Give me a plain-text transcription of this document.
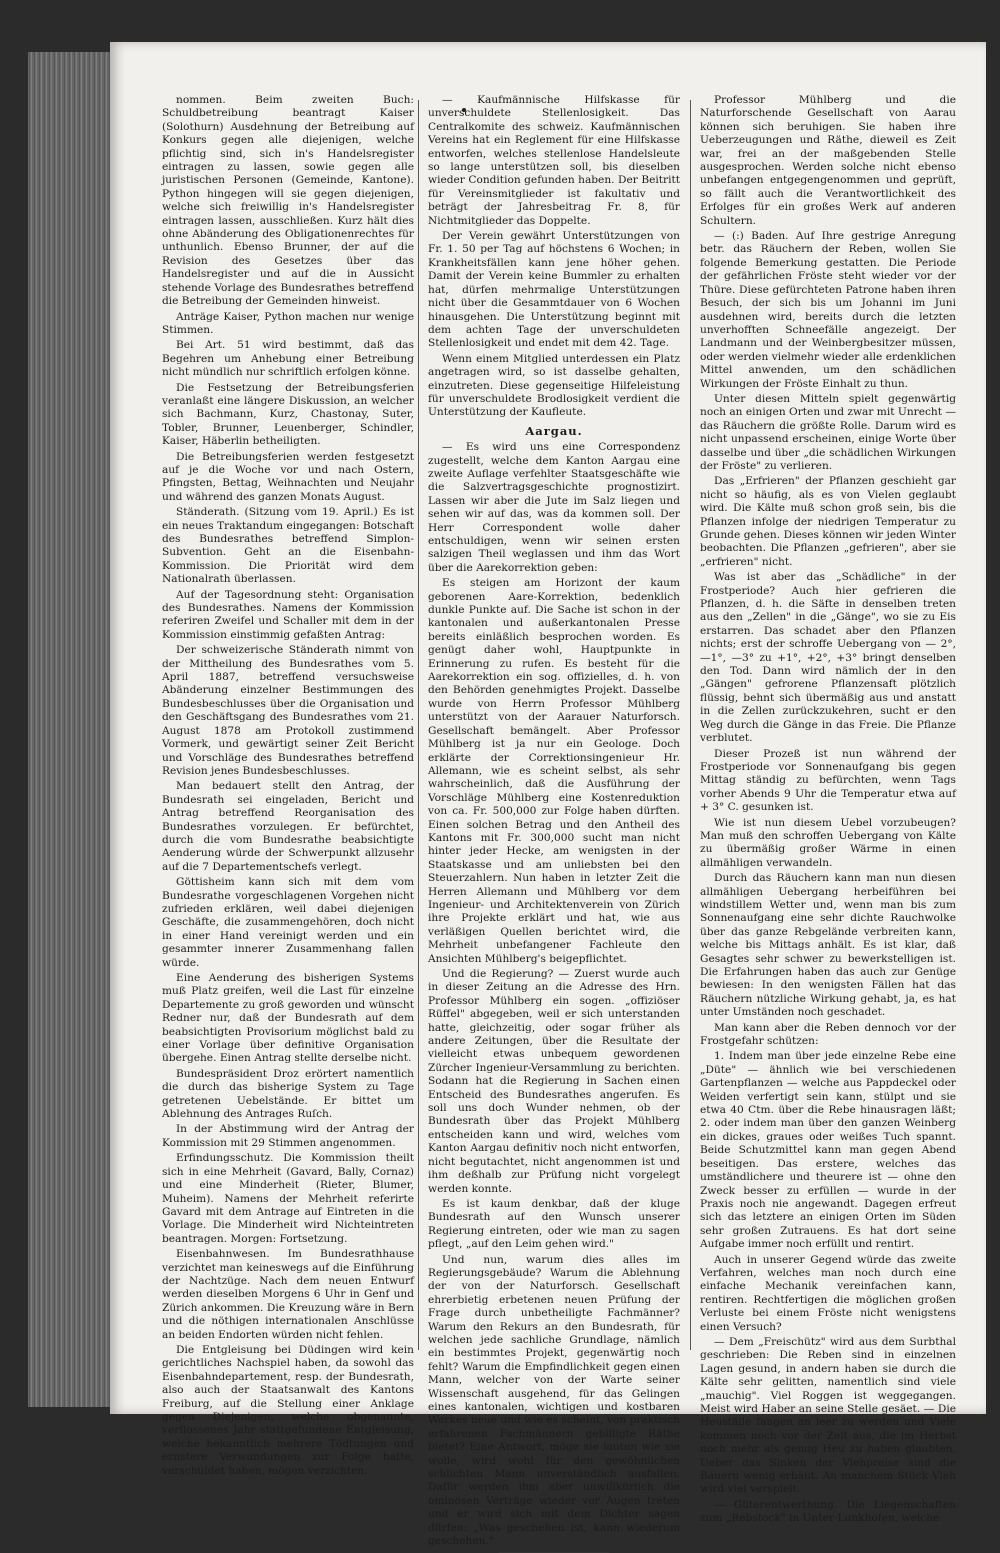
nommen. Beim zweiten Buch: Schuldbetreibung beantragt Kaiser (Solothurn) Ausdehnung der Betreibung auf Konkurs gegen alle diejenigen, welche pflichtig sind, sich in's Handelsregister eintragen zu lassen, sowie gegen alle juristischen Personen (Gemeinde, Kantone). Python hingegen will sie gegen diejenigen, welche sich freiwillig in's Handelsregister eintragen lassen, ausschließen. Kurz hält dies ohne Abänderung des Obligationenrechtes für unthunlich. Ebenso Brunner, der auf die Revision des Gesetzes über das Handelsregister und auf die in Aussicht stehende Vorlage des Bundesrathes betreffend die Betreibung der Gemeinden hinweist.

Anträge Kaiser, Python machen nur wenige Stimmen.

Bei Art. 51 wird bestimmt, daß das Begehren um Anhebung einer Betreibung nicht mündlich nur schriftlich erfolgen könne.

Die Festsetzung der Betreibungsferien veranlaßt eine längere Diskussion, an welcher sich Bachmann, Kurz, Chastonay, Suter, Tobler, Brunner, Leuenberger, Schindler, Kaiser, Häberlin betheiligten.

Die Betreibungsferien werden festgesetzt auf je die Woche vor und nach Ostern, Pfingsten, Bettag, Weihnachten und Neujahr und während des ganzen Monats August.

Ständerath. (Sitzung vom 19. April.) Es ist ein neues Traktandum eingegangen: Botschaft des Bundesrathes betreffend Simplon-Subvention. Geht an die Eisenbahn-Kommission. Die Priorität wird dem Nationalrath überlassen.

Auf der Tagesordnung steht: Organisation des Bundesrathes. Namens der Kommission referiren Zweifel und Schaller mit dem in der Kommission einstimmig gefaßten Antrag:

Der schweizerische Ständerath nimmt von der Mittheilung des Bundesrathes vom 5. April 1887, betreffend versuchsweise Abänderung einzelner Bestimmungen des Bundesbeschlusses über die Organisation und den Geschäftsgang des Bundesrathes vom 21. August 1878 am Protokoll zustimmend Vormerk, und gewärtigt seiner Zeit Bericht und Vorschläge des Bundesrathes betreffend Revision jenes Bundesbeschlusses.

Man bedauert stellt den Antrag, der Bundesrath sei eingeladen, Bericht und Antrag betreffend Reorganisation des Bundesrathes vorzulegen. Er befürchtet, durch die vom Bundesrathe beabsichtigte Aenderung würde der Schwerpunkt allzusehr auf die 7 Departementschefs verlegt.

Göttisheim kann sich mit dem vom Bundesrathe vorgeschlagenen Vorgehen nicht zufrieden erklären, weil dabei diejenigen Geschäfte, die zusammengehören, doch nicht in einer Hand vereinigt werden und ein gesammter innerer Zusammenhang fallen würde.

Eine Aenderung des bisherigen Systems muß Platz greifen, weil die Last für einzelne Departemente zu groß geworden und wünscht Redner nur, daß der Bundesrath auf dem beabsichtigten Provisorium möglichst bald zu einer Vorlage über definitive Organisation übergehe. Einen Antrag stellte derselbe nicht.

Bundespräsident Droz erörtert namentlich die durch das bisherige System zu Tage getretenen Uebelstände. Er bittet um Ablehnung des Antrages Ruſch.

In der Abstimmung wird der Antrag der Kommission mit 29 Stimmen angenommen.

Erfindungsschutz. Die Kommission theilt sich in eine Mehrheit (Gavard, Bally, Cornaz) und eine Minderheit (Rieter, Blumer, Muheim). Namens der Mehrheit referirte Gavard mit dem Antrage auf Eintreten in die Vorlage. Die Minderheit wird Nichteintreten beantragen. Morgen: Fortsetzung.

Eisenbahnwesen. Im Bundesrathhause verzichtet man keineswegs auf die Einführung der Nachtzüge. Nach dem neuen Entwurf werden dieselben Morgens 6 Uhr in Genf und Zürich ankommen. Die Kreuzung wäre in Bern und die nöthigen internationalen Anschlüsse an beiden Endorten würden nicht fehlen.

Die Entgleisung bei Düdingen wird kein gerichtliches Nachspiel haben, da sowohl das Eisenbahndepartement, resp. der Bundesrath, also auch der Staatsanwalt des Kantons Freiburg, auf die Stellung einer Anklage gegen Diejenigen, welche obgenannte, verflossenes Jahr stattgefundene Entgleisung, welche bekanntlich mehrere Tödtungen und ernstere Verwundungen zur Folge hatte, verschuldet haben, mögen verzichten.

— Kaufmännische Hilfskasse für unverschuldete Stellenlosigkeit. Das Centralkomite des schweiz. Kaufmännischen Vereins hat ein Reglement für eine Hilfskasse entworfen, welches stellenlose Handelsleute so lange unterstützen soll, bis dieselben wieder Condition gefunden haben. Der Beitritt für Vereinsmitglieder ist fakultativ und beträgt der Jahresbeitrag Fr. 8, für Nichtmitglieder das Doppelte.

Der Verein gewährt Unterstützungen von Fr. 1. 50 per Tag auf höchstens 6 Wochen; in Krankheitsfällen kann jene höher gehen. Damit der Verein keine Bummler zu erhalten hat, dürfen mehrmalige Unterstützungen nicht über die Gesammtdauer von 6 Wochen hinausgehen. Die Unterstützung beginnt mit dem achten Tage der unverschuldeten Stellenlosigkeit und endet mit dem 42. Tage.

Wenn einem Mitglied unterdessen ein Platz angetragen wird, so ist dasselbe gehalten, einzutreten. Diese gegenseitige Hilfeleistung für unverschuldete Brodlosigkeit verdient die Unterstützung der Kaufleute.

Aargau.

— Es wird uns eine Correspondenz zugestellt, welche dem Kanton Aargau eine zweite Auflage verfehlter Staatsgeschäfte wie die Salzvertragsgeschichte prognostizirt. Lassen wir aber die Jute im Salz liegen und sehen wir auf das, was da kommen soll. Der Herr Correspondent wolle daher entschuldigen, wenn wir seinen ersten salzigen Theil weglassen und ihm das Wort über die Aarekorrektion geben:

Es steigen am Horizont der kaum geborenen Aare-Korrektion, bedenklich dunkle Punkte auf. Die Sache ist schon in der kantonalen und außerkantonalen Presse bereits einläßlich besprochen worden. Es genügt daher wohl, Hauptpunkte in Erinnerung zu rufen. Es besteht für die Aarekorrektion ein sog. offizielles, d. h. von den Behörden genehmigtes Projekt. Dasselbe wurde von Herrn Professor Mühlberg unterstützt von der Aarauer Naturforsch. Gesellschaft bemängelt. Aber Professor Mühlberg ist ja nur ein Geologe. Doch erklärte der Correktionsingenieur Hr. Allemann, wie es scheint selbst, als sehr wahrscheinlich, daß die Ausführung der Vorschläge Mühlberg eine Kostenreduktion von ca. Fr. 500,000 zur Folge haben dürften. Einen solchen Betrag und den Antheil des Kantons mit Fr. 300,000 sucht man nicht hinter jeder Hecke, am wenigsten in der Staatskasse und am unliebsten bei den Steuerzahlern. Nun haben in letzter Zeit die Herren Allemann und Mühlberg vor dem Ingenieur- und Architektenverein von Zürich ihre Projekte erklärt und hat, wie aus verläßigen Quellen berichtet wird, die Mehrheit unbefangener Fachleute den Ansichten Mühlberg's beigepflichtet.

Und die Regierung? — Zuerst wurde auch in dieser Zeitung an die Adresse des Hrn. Professor Mühlberg ein sogen. „offiziöser Rüffel" abgegeben, weil er sich unterstanden hatte, gleichzeitig, oder sogar früher als andere Zeitungen, über die Resultate der vielleicht etwas unbequem gewordenen Zürcher Ingenieur-Versammlung zu berichten. Sodann hat die Regierung in Sachen einen Entscheid des Bundesrathes angerufen. Es soll uns doch Wunder nehmen, ob der Bundesrath über das Projekt Mühlberg entscheiden kann und wird, welches vom Kanton Aargau definitiv noch nicht entworfen, nicht begutachtet, nicht angenommen ist und ihm deßhalb zur Prüfung nicht vorgelegt werden konnte.

Es ist kaum denkbar, daß der kluge Bundesrath auf den Wunsch unserer Regierung eintreten, oder wie man zu sagen pflegt, „auf den Leim gehen wird."

Und nun, warum dies alles im Regierungsgebäude? Warum die Ablehnung der von der Naturforsch. Gesellschaft ehrerbietig erbetenen neuen Prüfung der Frage durch unbetheiligte Fachmänner? Warum den Rekurs an den Bundesrath, für welchen jede sachliche Grundlage, nämlich ein bestimmtes Projekt, gegenwärtig noch fehlt? Warum die Empfindlichkeit gegen einen Mann, welcher von der Warte seiner Wissenschaft ausgehend, für das Gelingen eines kantonalen, wichtigen und kostbaren Werkes neue und wie es scheint, von praktisch erfahrenen Fachmännern gebilligte Räthe bietet? Eine Antwort, möge sie lauten wie sie wolle, wird wohl für den gewöhnlichen schlichten Mann unverständlich ausfallen. Dafür werden ihm aber unwillkürlich die ominösen Verträge wieder vor Augen treten und er wird sich mit dem Dichter sagen dürfen: „Was geschehen ist, kann wiederum geschehen."

Professor Mühlberg und die Naturforschende Gesellschaft von Aarau können sich beruhigen. Sie haben ihre Ueberzeugungen und Räthe, dieweil es Zeit war, frei an der maßgebenden Stelle ausgesprochen. Werden solche nicht ebenso unbefangen entgegengenommen und geprüft, so fällt auch die Verantwortlichkeit des Erfolges für ein großes Werk auf anderen Schultern.

— (:) Baden. Auf Ihre gestrige Anregung betr. das Räuchern der Reben, wollen Sie folgende Bemerkung gestatten. Die Periode der gefährlichen Fröste steht wieder vor der Thüre. Diese gefürchteten Patrone haben ihren Besuch, der sich bis um Johanni im Juni ausdehnen wird, bereits durch die letzten unverhofften Schneefälle angezeigt. Der Landmann und der Weinbergbesitzer müssen, oder werden vielmehr wieder alle erdenklichen Mittel anwenden, um den schädlichen Wirkungen der Fröste Einhalt zu thun.

Unter diesen Mitteln spielt gegenwärtig noch an einigen Orten und zwar mit Unrecht — das Räuchern die größte Rolle. Darum wird es nicht unpassend erscheinen, einige Worte über dasselbe und über „die schädlichen Wirkungen der Fröste" zu verlieren.

Das „Erfrieren" der Pflanzen geschieht gar nicht so häufig, als es von Vielen geglaubt wird. Die Kälte muß schon groß sein, bis die Pflanzen infolge der niedrigen Temperatur zu Grunde gehen. Dieses können wir jeden Winter beobachten. Die Pflanzen „gefrieren", aber sie „erfrieren" nicht.

Was ist aber das „Schädliche" in der Frostperiode? Auch hier gefrieren die Pflanzen, d. h. die Säfte in denselben treten aus den „Zellen" in die „Gänge", wo sie zu Eis erstarren. Das schadet aber den Pflanzen nichts; erst der schroffe Uebergang von — 2°, —1°, —3° zu +1°, +2°, +3° bringt denselben den Tod. Dann wird nämlich der in den „Gängen" gefrorene Pflanzensaft plötzlich flüssig, behnt sich übermäßig aus und anstatt in die Zellen zurückzukehren, sucht er den Weg durch die Gänge in das Freie. Die Pflanze verblutet.

Dieser Prozeß ist nun während der Frostperiode vor Sonnenaufgang bis gegen Mittag ständig zu befürchten, wenn Tags vorher Abends 9 Uhr die Temperatur etwa auf + 3° C. gesunken ist.

Wie ist nun diesem Uebel vorzubeugen? Man muß den schroffen Uebergang von Kälte zu übermäßig großer Wärme in einen allmähligen verwandeln.

Durch das Räuchern kann man nun diesen allmähligen Uebergang herbeiführen bei windstillem Wetter und, wenn man bis zum Sonnenaufgang eine sehr dichte Rauchwolke über das ganze Rebgelände verbreiten kann, welche bis Mittags anhält. Es ist klar, daß Gesagtes sehr schwer zu bewerkstelligen ist. Die Erfahrungen haben das auch zur Genüge bewiesen: In den wenigsten Fällen hat das Räuchern nützliche Wirkung gehabt, ja, es hat unter Umständen noch geschadet.

Man kann aber die Reben dennoch vor der Frostgefahr schützen:

1. Indem man über jede einzelne Rebe eine „Düte" — ähnlich wie bei verschiedenen Gartenpflanzen — welche aus Pappdeckel oder Weiden verfertigt sein kann, stülpt und sie etwa 40 Ctm. über die Rebe hinausragen läßt; 2. oder indem man über den ganzen Weinberg ein dickes, graues oder weißes Tuch spannt. Beide Schutzmittel kann man gegen Abend beseitigen. Das erstere, welches das umständlichere und theurere ist — ohne den Zweck besser zu erfüllen — wurde in der Praxis noch nie angewandt. Dagegen erfreut sich das letztere an einigen Orten im Süden sehr großen Zutrauens. Es hat dort seine Aufgabe immer noch erfüllt und rentirt.

Auch in unserer Gegend würde das zweite Verfahren, welches man noch durch eine einfache Mechanik vereinfachen kann, rentiren. Rechtfertigen die möglichen großen Verluste bei einem Fröste nicht wenigstens einen Versuch?

— Dem „Freischütz" wird aus dem Surbthal geschrieben: Die Reben sind in einzelnen Lagen gesund, in andern haben sie durch die Kälte sehr gelitten, namentlich sind viele „mauchig". Viel Roggen ist weggegangen. Meist wird Haber an seine Stelle gesäet. — Die Heuställe fangen an leer zu werden und Viele kommen noch vor der Zeit aus, die im Herbst noch mehr als genug Heu zu haben glaubten. Ueber das Sinken der Viehpreise sind die Bauern wenig erbaut. An manchem Stück Vieh wird viel verspielt.

— Güterentwerthung. Die Liegenschaften zum „Rebstock" in Unter-Lunkhofen, welche
